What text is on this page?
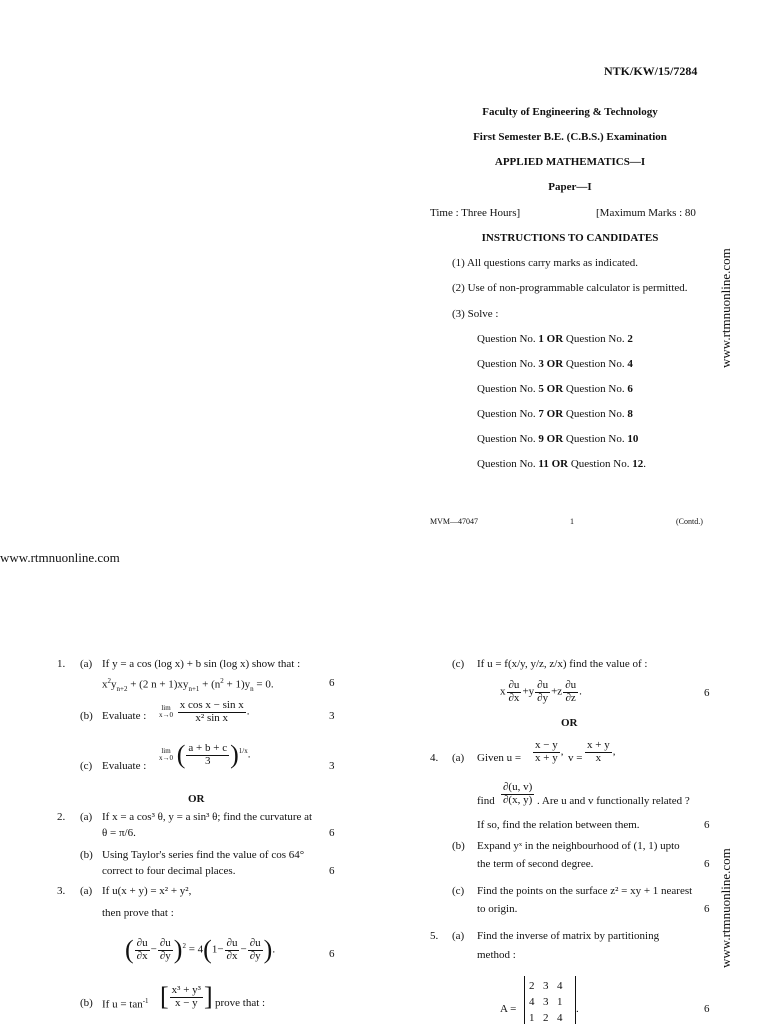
NTK/KW/15/7284
Faculty of Engineering & Technology
First Semester B.E. (C.B.S.) Examination
APPLIED MATHEMATICS—I
Paper—I
Time : Three Hours]	[Maximum Marks : 80
INSTRUCTIONS TO CANDIDATES
(1) All questions carry marks as indicated.
(2) Use of non-programmable calculator is permitted.
(3) Solve :
Question No. 1 OR Question No. 2
Question No. 3 OR Question No. 4
Question No. 5 OR Question No. 6
Question No. 7 OR Question No. 8
Question No. 9 OR Question No. 10
Question No. 11 OR Question No. 12.
MVM—47047	1	(Contd.)
www.rtmnuonline.com
www.rtmnuonline.com
1. (a) If y = a cos (log x) + b sin (log x) show that :
$x^2y_{n+2} + (2$ $n + 1)xy_{n+1} + (n^2 + 1)y_n = 0$.	6
(b) Evaluate :
lim
x→0
$\frac{\text{x cos x − sin x}}{\text{x² sin x}}$ .	3
(c) Evaluate :
lim
x→0 ( $\frac{a + b + c}{3} )^{1/x}$.
3
OR
2. (a) If x = a cos³ θ, y = a sin³ θ; find the curvature at
θ = π/6.	6
(b) Using Taylor's series find the value of cos 64°
correct to four decimal places.	6
3. (a) If u(x + y) = x² + y²,
then prove that :
( $\frac{\partial u}{\partial x} - \frac{\partial u}{\partial y} )^2 = 4(1- \frac{\partial u}{\partial x} - \frac{\partial u}{\partial y}$ ).	6
(b) If $u = \tan^{-1}$ [ $\frac{\text{x³ + y³}}{x - y}$ ] prove that :
(c) If u = f(x/y, y/z, z/x) find the value of :
x $\frac{\partial u}{\partial x} +y \frac{\partial u}{\partial y} +z \frac{\partial u}{\partial z}$ .	6
OR
4. (a) Given $u = \frac{x - y}{x + y}$ ,
$v = \frac{x + y}{x}$ ,
find $\frac{\partial(u, v)}{\partial(x, y)}$ . Are u and v functionally related ?
If so, find the relation between them.	6
(b) Expand yˣ in the neighbourhood of (1, 1) upto
the term of second degree.	6
(c) Find the points on the surface z² = xy + 1 nearest
to origin.	6
5. (a) Find the inverse of matrix by partitioning
method :
A =
2 3 4
4 3 1
1 2 4
.	6
www.rtmnuonline.com
